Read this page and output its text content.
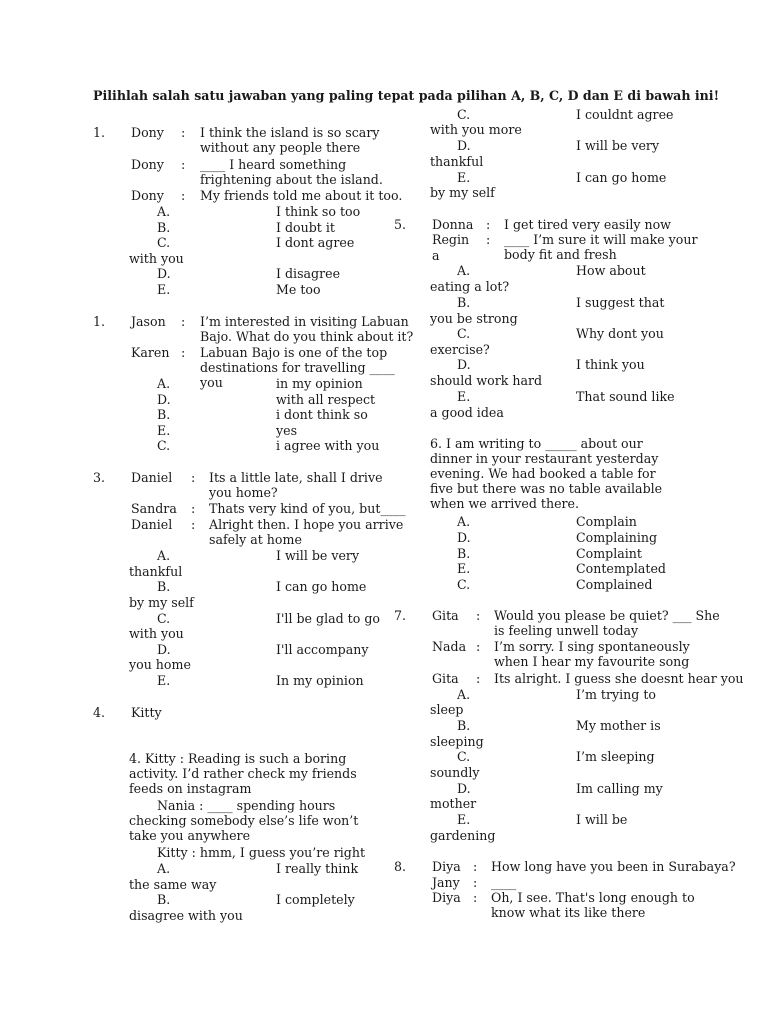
Pilihlah salah satu jawaban yang paling tepat pada pilihan A, B, C, D dan E di bawah ini!
1. Dony : I think the island is so scary without any people there
Dony : ____ I heard something frightening about the island.
Dony : My friends told me about it too.
A.	I think so too
B.	I doubt it
C.	I dont agree
with you
D.	I disagree
E.	Me too
1. Jason : I’m interested in visiting Labuan Bajo. What do you think about it?
Karen : Labuan Bajo is one of the top destinations for travelling ____ you
A.	in my opinion
D.	with all respect
B.	i dont think so
E.	yes
C.	i agree with you
3. Daniel : Its a little late, shall I drive you home?
Sandra : Thats very kind of you, but____
Daniel : Alright then. I hope you arrive safely at home
A.	I will be very
thankful
B.	I can go home
by my self
C.	I'll be glad to go
with you
D.	I'll accompany
you home
E.	In my opinion
4. Kitty
4. Kitty : Reading is such a boring activity. I’d rather check my friends feeds on instagram
Nania : ____ spending hours checking somebody else’s life won’t take you anywhere
Kitty : hmm, I guess you’re right
A.	I really think
the same way
B.	I completely
disagree with you
C.	I couldnt agree
with you more
D.	I will be very
thankful
E.	I can go home
by my self
5. Donna : I get tired very easily now
Regin : ____ I’m sure it will make your body fit and fresh
a
A.	How about
eating a lot?
B.	I suggest that
you be strong
C.	Why dont you
exercise?
D.	I think you
should work hard
E.	That sound like
a good idea
6. I am writing to _____ about our dinner in your restaurant yesterday evening. We had booked a table for five but there was no table available when we arrived there.
A.	Complain
D.	Complaining
B.	Complaint
E.	Contemplated
C.	Complained
7. Gita : Would you please be quiet? ___ She is feeling unwell today
Nada : I’m sorry. I sing spontaneously when I hear my favourite song
Gita : Its alright. I guess she doesnt hear you
A.	I’m trying to
sleep
B.	My mother is
sleeping
C.	I’m sleeping
soundly
D.	Im calling my
mother
E.	I will be
gardening
8. Diya : How long have you been in Surabaya?
Jany : ____
Diya : Oh, I see. That's long enough to know what its like there
